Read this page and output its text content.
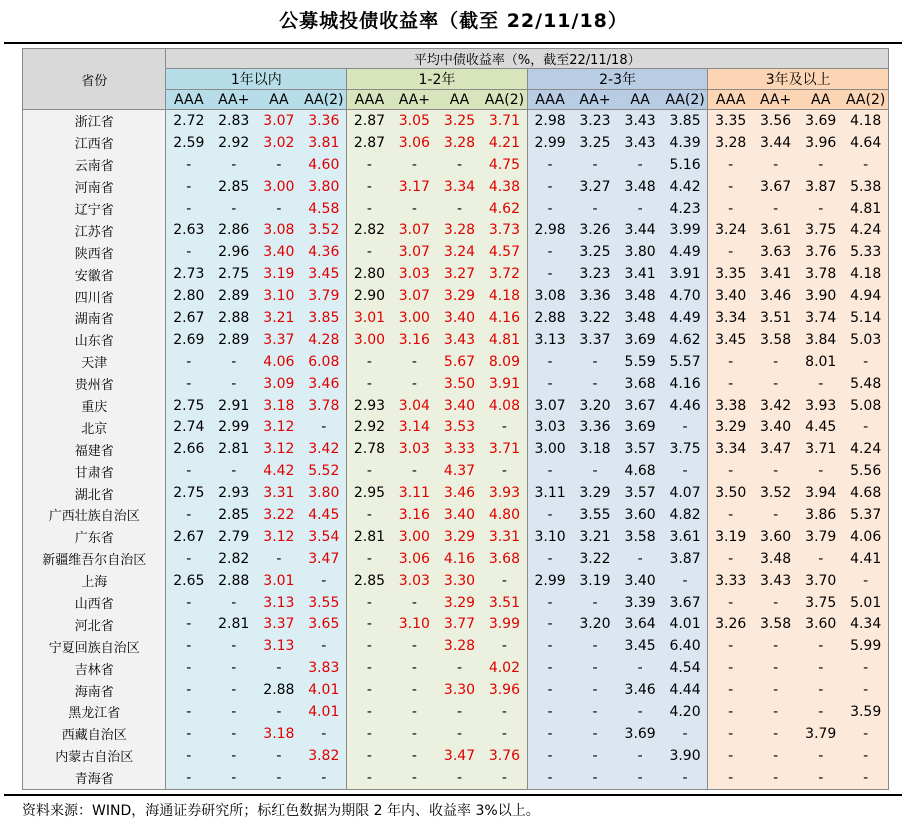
公募城投债收益率（截至 22/11/18）
省份	平均中债收益率（%，截至22/11/18）															
	1年以内				1-2年				2-3年				3年及以上			
	AAA	AA+	AA	AA(2)	AAA	AA+	AA	AA(2)	AAA	AA+	AA	AA(2)	AAA	AA+	AA	AA(2)
浙江省	2.72	2.83	3.07	3.36	2.87	3.05	3.25	3.71	2.98	3.23	3.43	3.85	3.35	3.56	3.69	4.18
江西省	2.59	2.92	3.02	3.81	2.87	3.06	3.28	4.21	2.99	3.25	3.43	4.39	3.28	3.44	3.96	4.64
云南省	-	-	-	4.60	-	-	-	4.75	-	-	-	5.16	-	-	-	-
河南省	-	2.85	3.00	3.80	-	3.17	3.34	4.38	-	3.27	3.48	4.42	-	3.67	3.87	5.38
辽宁省	-	-	-	4.58	-	-	-	4.62	-	-	-	4.23	-	-	-	4.81
江苏省	2.63	2.86	3.08	3.52	2.82	3.07	3.28	3.73	2.98	3.26	3.44	3.99	3.24	3.61	3.75	4.24
陕西省	-	2.96	3.40	4.36	-	3.07	3.24	4.57	-	3.25	3.80	4.49	-	3.63	3.76	5.33
安徽省	2.73	2.75	3.19	3.45	2.80	3.03	3.27	3.72	-	3.23	3.41	3.91	3.35	3.41	3.78	4.18
四川省	2.80	2.89	3.10	3.79	2.90	3.07	3.29	4.18	3.08	3.36	3.48	4.70	3.40	3.46	3.90	4.94
湖南省	2.67	2.88	3.21	3.85	3.01	3.00	3.40	4.16	2.88	3.22	3.48	4.49	3.34	3.51	3.74	5.14
山东省	2.69	2.89	3.37	4.28	3.00	3.16	3.43	4.81	3.13	3.37	3.69	4.62	3.45	3.58	3.84	5.03
天津	-	-	4.06	6.08	-	-	5.67	8.09	-	-	5.59	5.57	-	-	8.01	-
贵州省	-	-	3.09	3.46	-	-	3.50	3.91	-	-	3.68	4.16	-	-	-	5.48
重庆	2.75	2.91	3.18	3.78	2.93	3.04	3.40	4.08	3.07	3.20	3.67	4.46	3.38	3.42	3.93	5.08
北京	2.74	2.99	3.12	-	2.92	3.14	3.53	-	3.03	3.36	3.69	-	3.29	3.40	4.45	-
福建省	2.66	2.81	3.12	3.42	2.78	3.03	3.33	3.71	3.00	3.18	3.57	3.75	3.34	3.47	3.71	4.24
甘肃省	-	-	4.42	5.52	-	-	4.37	-	-	-	4.68	-	-	-	-	5.56
湖北省	2.75	2.93	3.31	3.80	2.95	3.11	3.46	3.93	3.11	3.29	3.57	4.07	3.50	3.52	3.94	4.68
广西壮族自治区	-	2.85	3.22	4.45	-	3.16	3.40	4.80	-	3.55	3.60	4.82	-	-	3.86	5.37
广东省	2.67	2.79	3.12	3.54	2.81	3.00	3.29	3.31	3.10	3.21	3.58	3.61	3.19	3.60	3.79	4.06
新疆维吾尔自治区	-	2.82	-	3.47	-	3.06	4.16	3.68	-	3.22	-	3.87	-	3.48	-	4.41
上海	2.65	2.88	3.01	-	2.85	3.03	3.30	-	2.99	3.19	3.40	-	3.33	3.43	3.70	-
山西省	-	-	3.13	3.55	-	-	3.29	3.51	-	-	3.39	3.67	-	-	3.75	5.01
河北省	-	2.81	3.37	3.65	-	3.10	3.77	3.99	-	3.20	3.64	4.01	3.26	3.58	3.60	4.34
宁夏回族自治区	-	-	3.13	-	-	-	3.28	-	-	-	3.45	6.40	-	-	-	5.99
吉林省	-	-	-	3.83	-	-	-	4.02	-	-	-	4.54	-	-	-	-
海南省	-	-	2.88	4.01	-	-	3.30	3.96	-	-	3.46	4.44	-	-	-	-
黑龙江省	-	-	-	4.01	-	-	-	-	-	-	-	4.20	-	-	-	3.59
西藏自治区	-	-	3.18	-	-	-	-	-	-	-	3.69	-	-	-	3.79	-
内蒙古自治区	-	-	-	3.82	-	-	3.47	3.76	-	-	-	3.90	-	-	-	-
青海省	-	-	-	-	-	-	-	-	-	-	-	-	-	-	-	-
资料来源：WIND，海通证券研究所；标红色数据为期限 2 年内、收益率 3%以上。
